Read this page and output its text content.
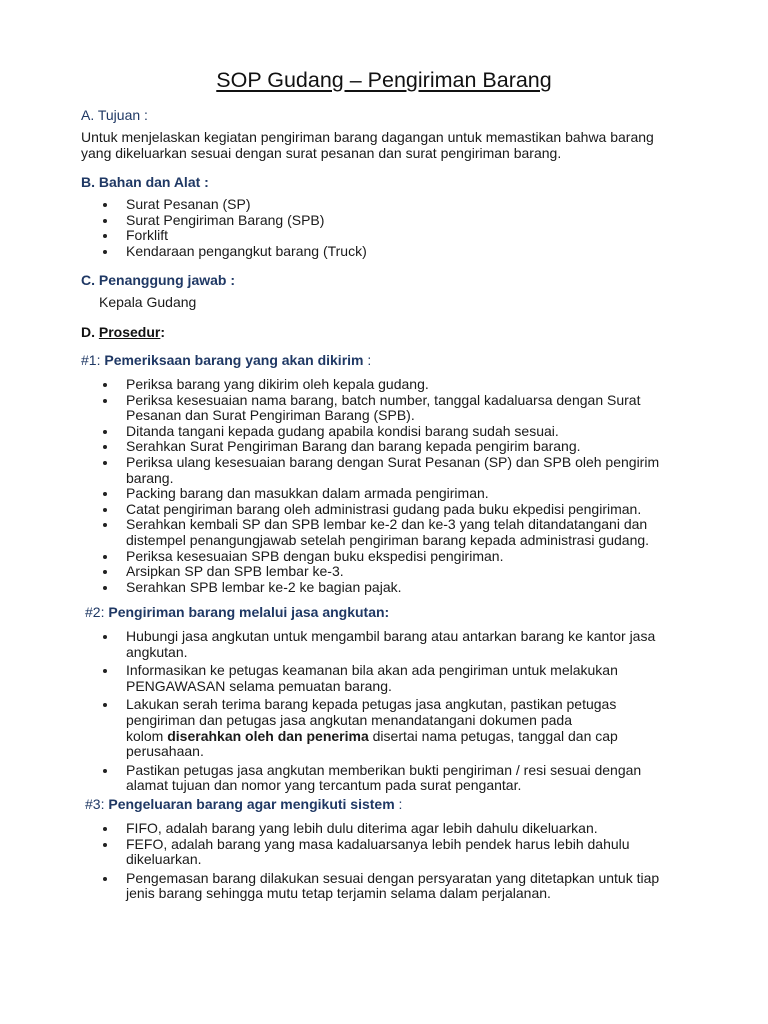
SOP Gudang – Pengiriman Barang
A. Tujuan :
Untuk menjelaskan kegiatan pengiriman barang dagangan untuk memastikan bahwa barang yang dikeluarkan sesuai dengan surat pesanan dan surat pengiriman barang.
B. Bahan dan Alat :
Surat Pesanan (SP)
Surat Pengiriman Barang (SPB)
Forklift
Kendaraan pengangkut barang (Truck)
C. Penanggung jawab :
Kepala Gudang
D. Prosedur:
#1: Pemeriksaan barang yang akan dikirim :
Periksa barang yang dikirim oleh kepala gudang.
Periksa kesesuaian nama barang, batch number, tanggal kadaluarsa dengan Surat Pesanan dan Surat Pengiriman Barang (SPB).
Ditanda tangani kepada gudang apabila kondisi barang sudah sesuai.
Serahkan Surat Pengiriman Barang dan barang kepada pengirim barang.
Periksa ulang kesesuaian barang dengan Surat Pesanan (SP) dan SPB oleh pengirim barang.
Packing barang dan masukkan dalam armada pengiriman.
Catat pengiriman barang oleh administrasi gudang pada buku ekpedisi pengiriman.
Serahkan kembali SP dan SPB lembar ke-2 dan ke-3 yang telah ditandatangani dan distempel penangungjawab setelah pengiriman barang kepada administrasi gudang.
Periksa kesesuaian SPB dengan buku ekspedisi pengiriman.
Arsipkan SP dan SPB lembar ke-3.
Serahkan SPB lembar ke-2 ke bagian pajak.
#2: Pengiriman barang melalui jasa angkutan:
Hubungi jasa angkutan untuk mengambil barang atau antarkan barang ke kantor jasa angkutan.
Informasikan ke petugas keamanan bila akan ada pengiriman untuk melakukan PENGAWASAN selama pemuatan barang.
Lakukan serah terima barang kepada petugas jasa angkutan, pastikan petugas pengiriman dan petugas jasa angkutan menandatangani dokumen pada
kolom diserahkan oleh dan penerima disertai nama petugas, tanggal dan cap perusahaan.
Pastikan petugas jasa angkutan memberikan bukti pengiriman / resi sesuai dengan alamat tujuan dan nomor yang tercantum pada surat pengantar.
#3: Pengeluaran barang agar mengikuti sistem :
FIFO, adalah barang yang lebih dulu diterima agar lebih dahulu dikeluarkan.
FEFO, adalah barang yang masa kadaluarsanya lebih pendek harus lebih dahulu dikeluarkan.
Pengemasan barang dilakukan sesuai dengan persyaratan yang ditetapkan untuk tiap jenis barang sehingga mutu tetap terjamin selama dalam perjalanan.
